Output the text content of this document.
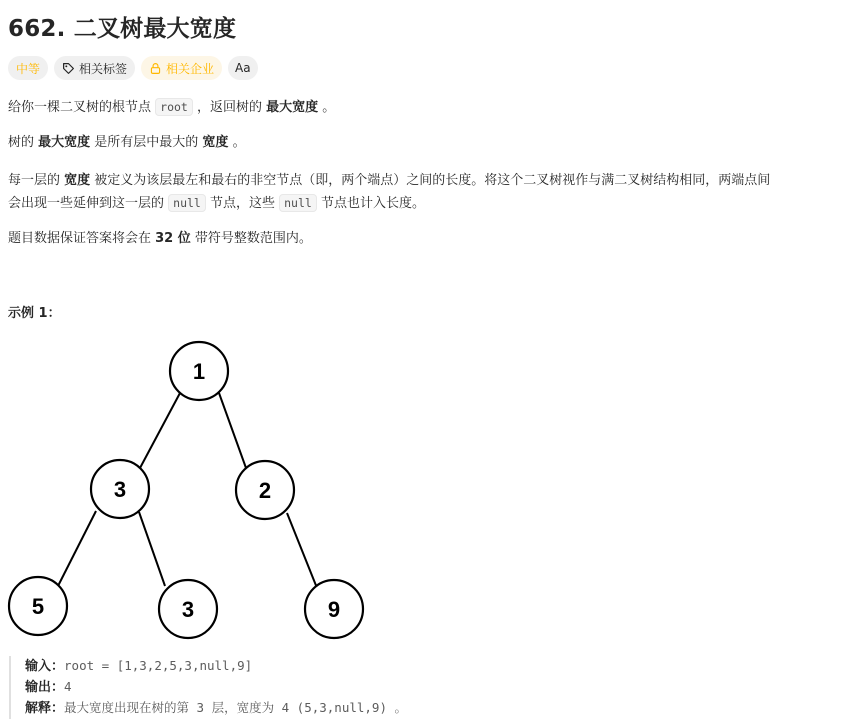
662. 二叉树最大宽度
中等	相关标签	相关企业 Aa
给你一棵二叉树的根节点 root ，返回树的 最大宽度 。
树的 最大宽度 是所有层中最大的 宽度 。
每一层的 宽度 被定义为该层最左和最右的非空节点（即，两个端点）之间的长度。将这个二叉树视作与满二叉树结构相同，两端点间
会出现一些延伸到这一层的 null 节点，这些 null 节点也计入长度。
题目数据保证答案将会在 32 位 带符号整数范围内。
示例 1：
1
3	2
5	3	9
输入：root = [1,3,2,5,3,null,9]
输出：4
解释：最大宽度出现在树的第 3 层，宽度为 4 (5,3,null,9) 。
